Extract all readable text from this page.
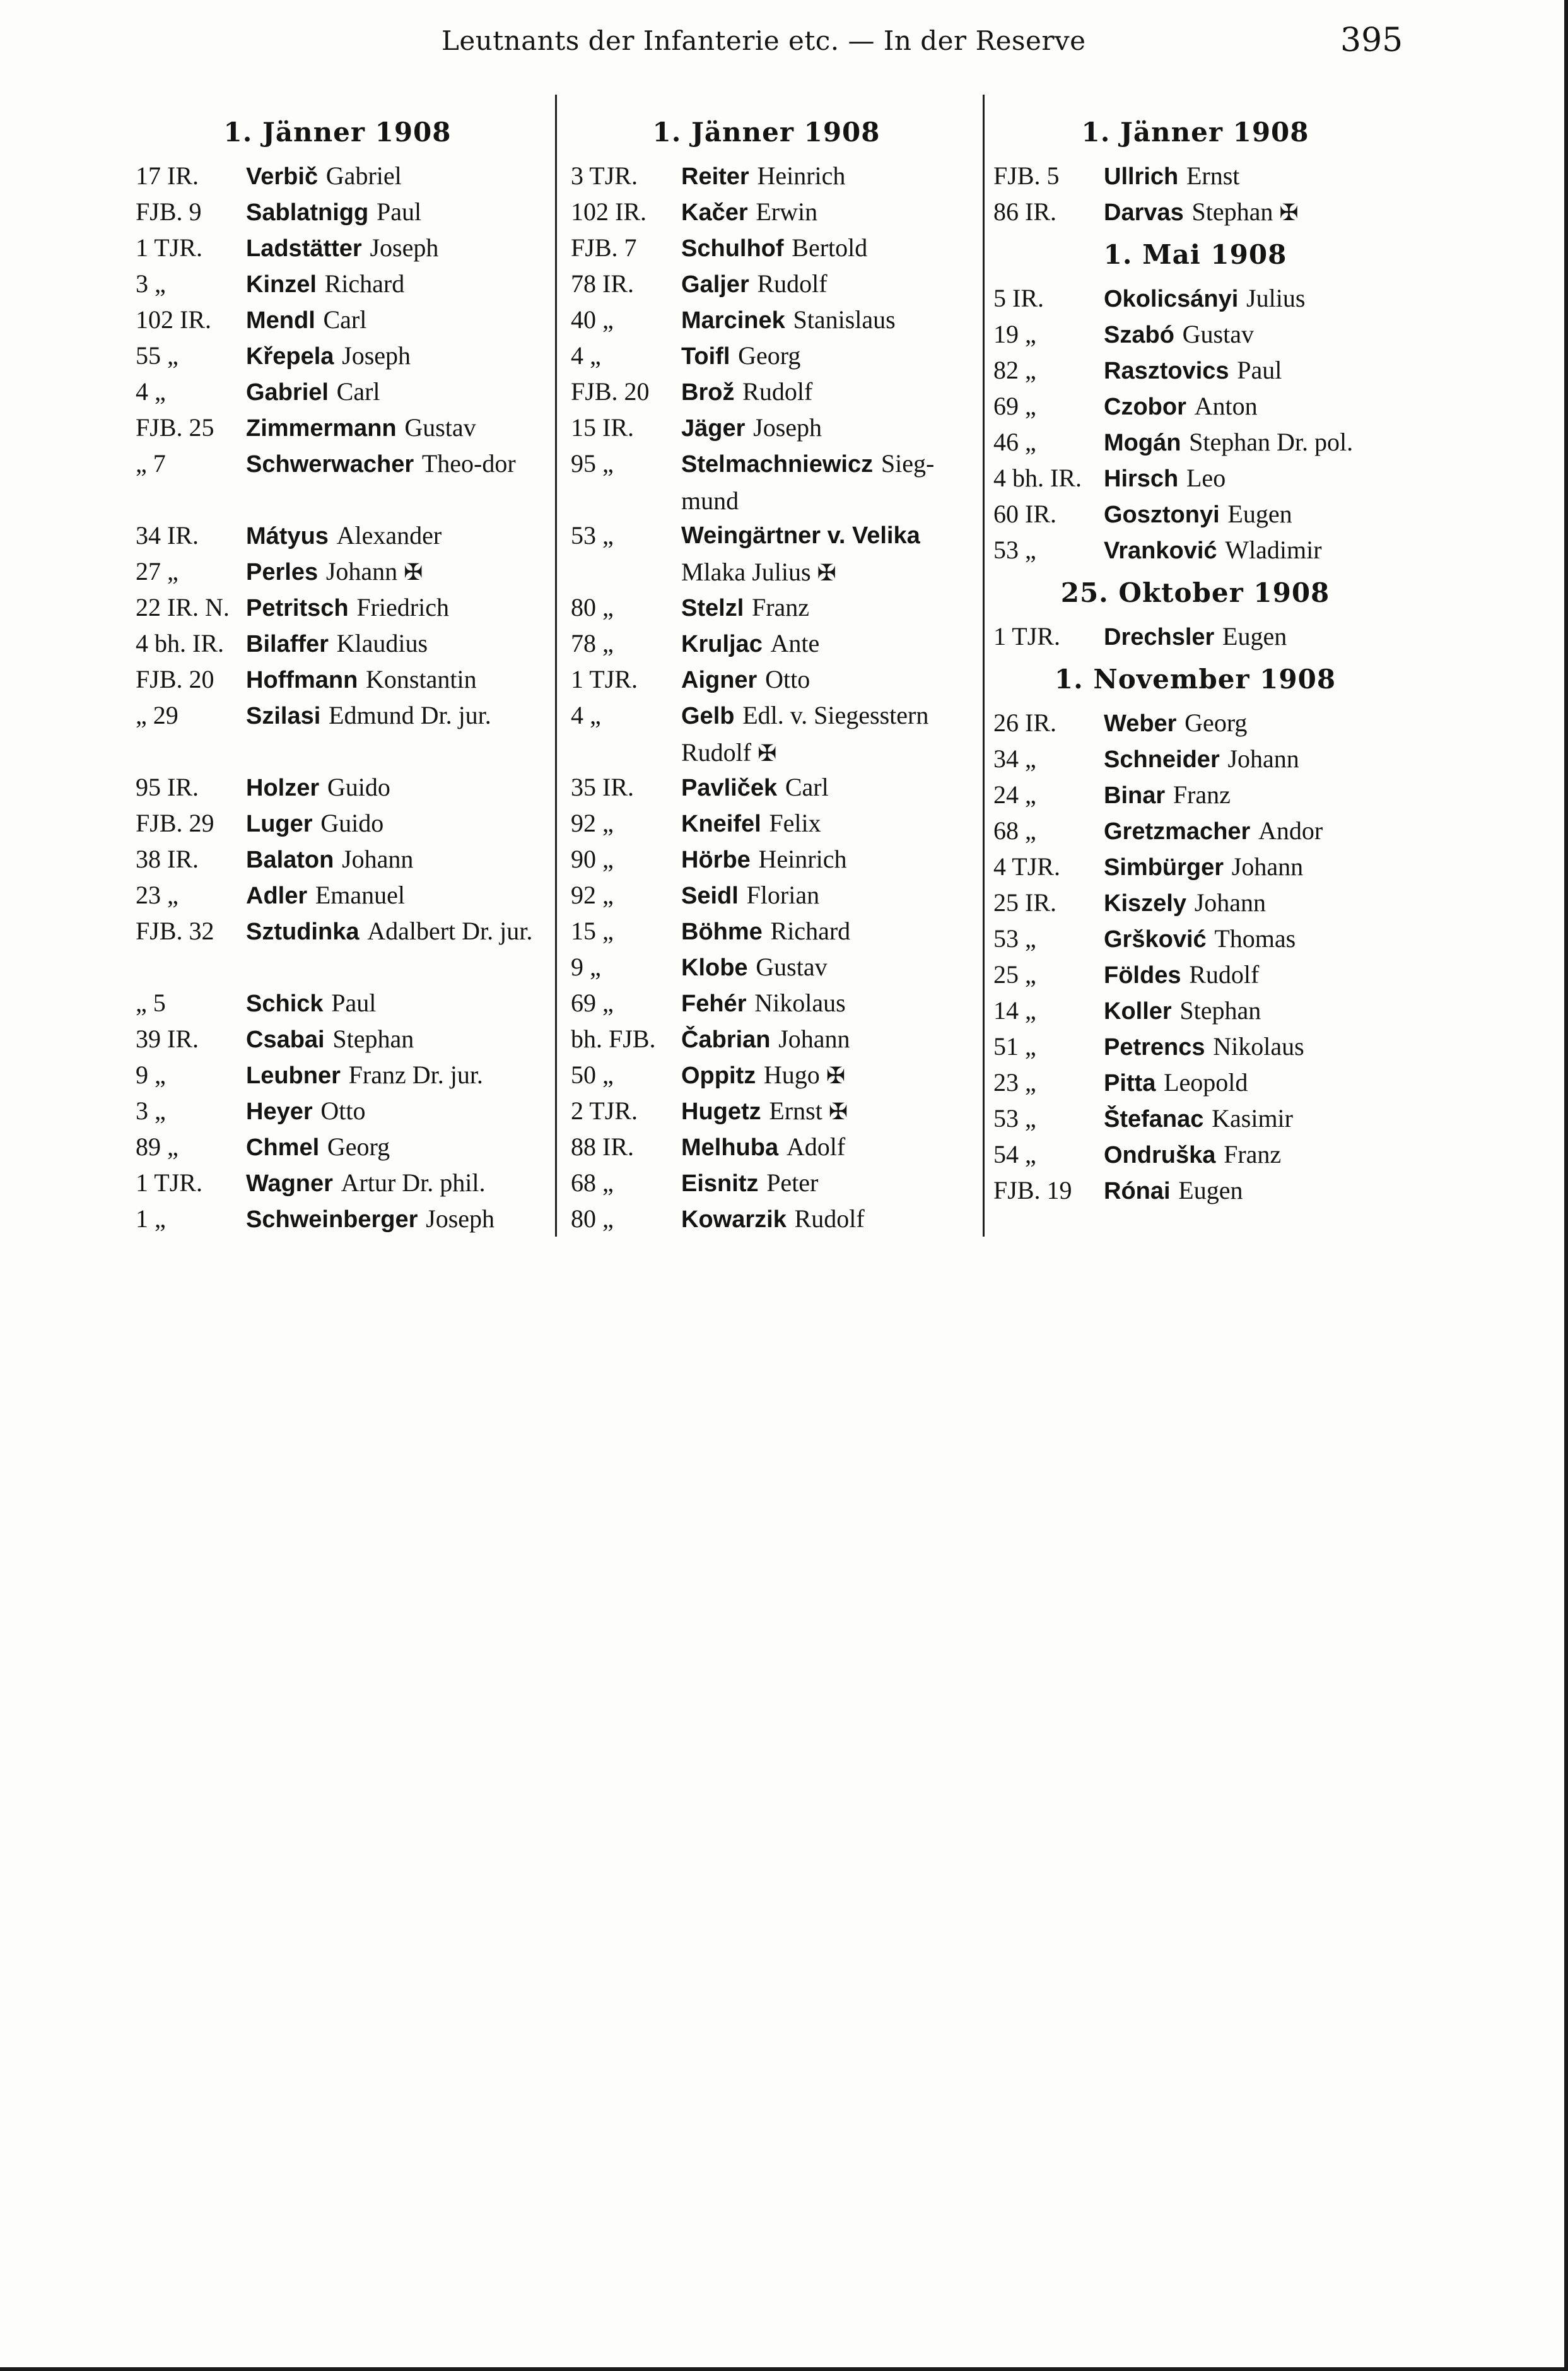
Leutnants der Infanterie etc. — In der Reserve	395
1. Jänner 1908
17 IR.	Verbič Gabriel
FJB. 9	Sablatnigg Paul
1 TJR.	Ladstätter Joseph
3 „	Kinzel Richard
102 IR.	Mendl Carl
55 „	Křepela Joseph
4 „	Gabriel Carl
FJB. 25	Zimmermann Gustav
„ 7	Schwerwacher Theo-dor
34 IR.	Mátyus Alexander
27 „	Perles Johann ✠
22 IR. N. Petritsch Friedrich
4 bh. IR. Bilaffer Klaudius
FJB. 20	Hoffmann Konstantin
„ 29	Szilasi Edmund Dr. jur.
95 IR.	Holzer Guido
FJB. 29	Luger Guido
38 IR.	Balaton Johann
23 „	Adler Emanuel
FJB. 32	Sztudinka Adalbert Dr. jur.
„ 5	Schick Paul
39 IR.	Csabai Stephan
9 „	Leubner Franz Dr. jur.
3 „	Heyer Otto
89 „	Chmel Georg
1 TJR.	Wagner Artur Dr. phil.
1 „	Schweinberger Joseph
1. Jänner 1908
3 TJR.	Reiter Heinrich
102 IR.	Kačer Erwin
FJB. 7	Schulhof Bertold
78 IR.	Galjer Rudolf
40 „	Marcinek Stanislaus
4 „	Toifl Georg
FJB. 20	Brož Rudolf
15 IR.	Jäger Joseph
95 „	Stelmachniewicz Sieg-mund
53 „	Weingärtner v. Velika Mlaka Julius ✠
80 „	Stelzl Franz
78 „	Kruljac Ante
1 TJR.	Aigner Otto
4 „	Gelb Edl. v. Siegesstern Rudolf ✠
35 IR.	Pavliček Carl
92 „	Kneifel Felix
90 „	Hörbe Heinrich
92 „	Seidl Florian
15 „	Böhme Richard
9 „	Klobe Gustav
69 „	Fehér Nikolaus
bh. FJB.	Čabrian Johann
50 „	Oppitz Hugo ✠
2 TJR.	Hugetz Ernst ✠
88 IR.	Melhuba Adolf
68 „	Eisnitz Peter
80 „	Kowarzik Rudolf
1. Jänner 1908
FJB. 5	Ullrich Ernst
86 IR.	Darvas Stephan ✠
1. Mai 1908
5 IR.	Okolicsányi Julius
19 „	Szabó Gustav
82 „	Rasztovics Paul
69 „	Czobor Anton
46 „	Mogán Stephan Dr. pol.
4 bh. IR. Hirsch Leo
60 IR.	Gosztonyi Eugen
53 „	Vranković Wladimir
25. Oktober 1908
1 TJR.	Drechsler Eugen
1. November 1908
26 IR.	Weber Georg
34 „	Schneider Johann
24 „	Binar Franz
68 „	Gretzmacher Andor
4 TJR.	Simbürger Johann
25 IR.	Kiszely Johann
53 „	Gršković Thomas
25 „	Földes Rudolf
14 „	Koller Stephan
51 „	Petrencs Nikolaus
23 „	Pitta Leopold
53 „	Štefanac Kasimir
54 „	Ondruška Franz
FJB. 19	Rónai Eugen
